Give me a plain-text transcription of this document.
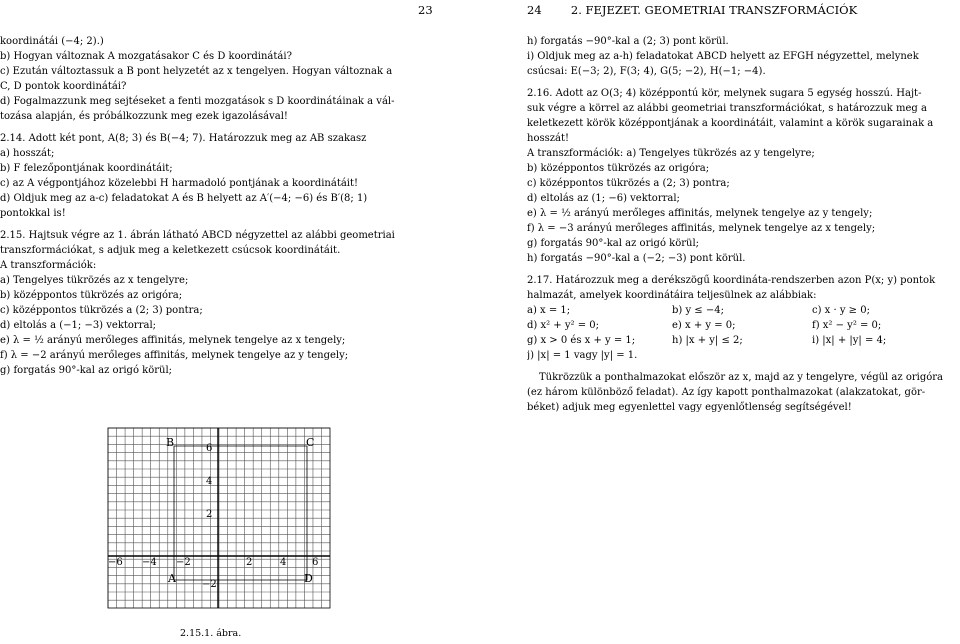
23
koordinátái (−4; 2).)
b) Hogyan változnak A mozgatásakor C és D koordinátái?
c) Ezután változtassuk a B pont helyzetét az x tengelyen. Hogyan változnak a
C, D pontok koordinátái?
d) Fogalmazzunk meg sejtéseket a fenti mozgatások s D koordinátáinak a vál-
tozása alapján, és próbálkozzunk meg ezek igazolásával!
2.14. Adott két pont, A(8; 3) és B(−4; 7). Határozzuk meg az AB szakasz
a) hosszát;
b) F felezőpontjának koordinátáit;
c) az A végpontjához közelebbi H harmadoló pontjának a koordinátáit!
d) Oldjuk meg az a-c) feladatokat A és B helyett az A′(−4; −6) és B′(8; 1)
pontokkal is!
2.15. Hajtsuk végre az 1. ábrán látható ABCD négyzettel az alábbi geometriai
transzformációkat, s adjuk meg a keletkezett csúcsok koordinátáit.
A transzformációk:
a) Tengelyes tükrözés az x tengelyre;
b) középpontos tükrözés az origóra;
c) középpontos tükrözés a (2; 3) pontra;
d) eltolás a (−1; −3) vektorral;
e) λ = ½ arányú merőleges affinitás, melynek tengelye az x tengely;
f) λ = −2 arányú merőleges affinitás, melynek tengelye az y tengely;
g) forgatás 90°-kal az origó körül;
B	C
A	D
6
4
2
−2
−6 −4 −2	2	4	6
2.15.1. ábra.
24        2. FEJEZET. GEOMETRIAI TRANSZFORMÁCIÓK
h) forgatás −90°-kal a (2; 3) pont körül.
i) Oldjuk meg az a-h) feladatokat ABCD helyett az EFGH négyzettel, melynek
csúcsai: E(−3; 2), F(3; 4), G(5; −2), H(−1; −4).
2.16. Adott az O(3; 4) középpontú kör, melynek sugara 5 egység hosszú. Hajt-
suk végre a körrel az alábbi geometriai transzformációkat, s határozzuk meg a
keletkezett körök középpontjának a koordinátáit, valamint a körök sugarainak a
hosszát!
A transzformációk: a) Tengelyes tükrözés az y tengelyre;
b) középpontos tükrözés az origóra;
c) középpontos tükrözés a (2; 3) pontra;
d) eltolás az (1; −6) vektorral;
e) λ = ½ arányú merőleges affinitás, melynek tengelye az y tengely;
f) λ = −3 arányú merőleges affinitás, melynek tengelye az x tengely;
g) forgatás 90°-kal az origó körül;
h) forgatás −90°-kal a (−2; −3) pont körül.
2.17. Határozzuk meg a derékszögű koordináta-rendszerben azon P(x; y) pontok
halmazát, amelyek koordinátáira teljesülnek az alábbiak:
a) x = 1;	b) y ≤ −4;	c) x · y ≥ 0;
d) x² + y² = 0;	e) x + y = 0;	f) x² − y² = 0;
g) x > 0 és x + y = 1;	h) |x + y| ≤ 2;	i) |x| + |y| = 4;
j) |x| = 1 vagy |y| = 1.
Tükrözzük a ponthalmazokat először az x, majd az y tengelyre, végül az origóra
(ez három különböző feladat). Az így kapott ponthalmazokat (alakzatokat, gör-
béket) adjuk meg egyenlettel vagy egyenlőtlenség segítségével!
